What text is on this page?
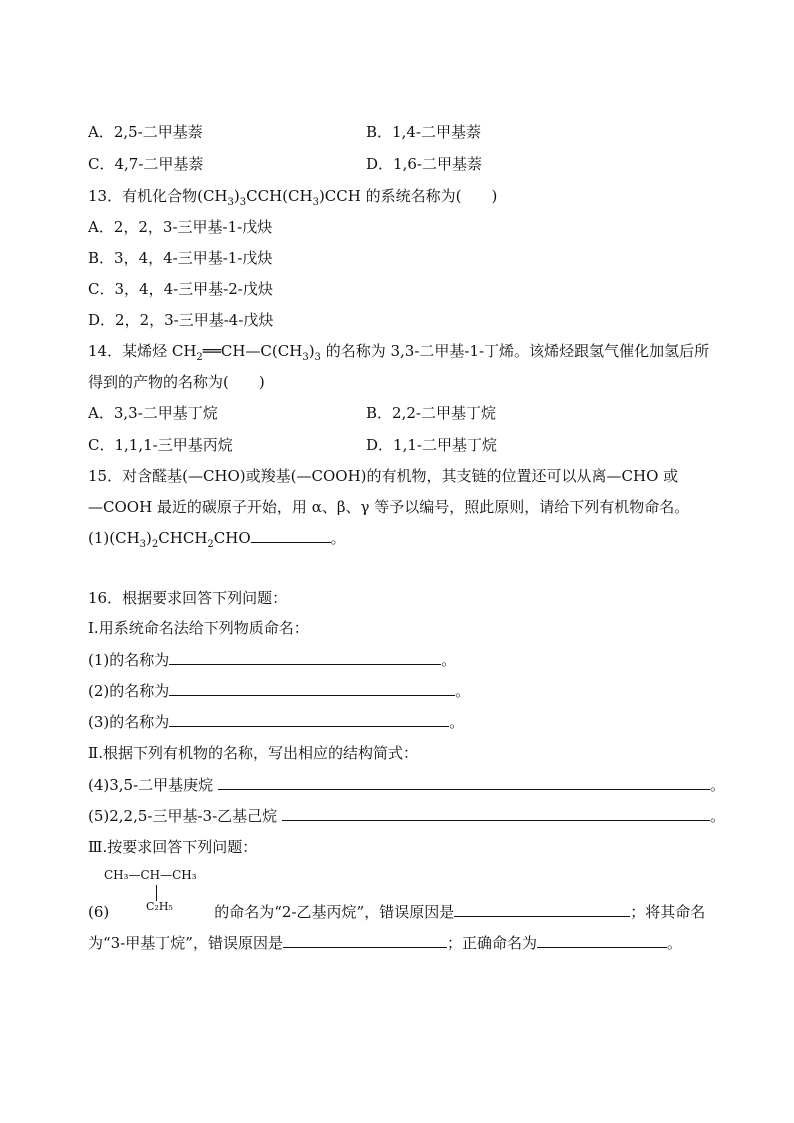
A．2,5-二甲基萘	B．1,4-二甲基萘
C．4,7-二甲基萘	D．1,6-二甲基萘
13．有机化合物$(CH_3)_3CCH(CH_3)CCH$ 的系统名称为(　　)
A．2，2，3-三甲基-1-戊炔
B．3，4，4-三甲基-1-戊炔
C．3，4，4-三甲基-2-戊炔
D．2，2，3-三甲基-4-戊炔
14．某烯烃 $CH_2══CH—C(CH_3)_3$ 的名称为 3,3-二甲基-1-丁烯。该烯烃跟氢气催化加氢后所
得到的产物的名称为(　　)
A．3,3-二甲基丁烷	B．2,2-二甲基丁烷
C．1,1,1-三甲基丙烷	D．1,1-二甲基丁烷
15．对含醛基(—CHO)或羧基(—COOH)的有机物，其支链的位置还可以从离—CHO 或
—COOH 最近的碳原子开始，用 α、β、γ 等予以编号，照此原则，请给下列有机物命名。
$(1)(CH_3)_2CHCH_2CHO$	。
16．根据要求回答下列问题：
Ⅰ.用系统命名法给下列物质命名：
(1)的名称为	。
(2)的名称为	。
(3)的名称为	。
Ⅱ.根据下列有机物的名称，写出相应的结构简式：
(4)3,5-二甲基庚烷	。
(5)2,2,5-三甲基-3-乙基己烷	。
Ⅲ.按要求回答下列问题：
CH₃—CH—CH₃
C₂H₅
(6)	的命名为“2-乙基丙烷”，错误原因是	；将其命名
为“3-甲基丁烷”，错误原因是	；正确命名为	。
